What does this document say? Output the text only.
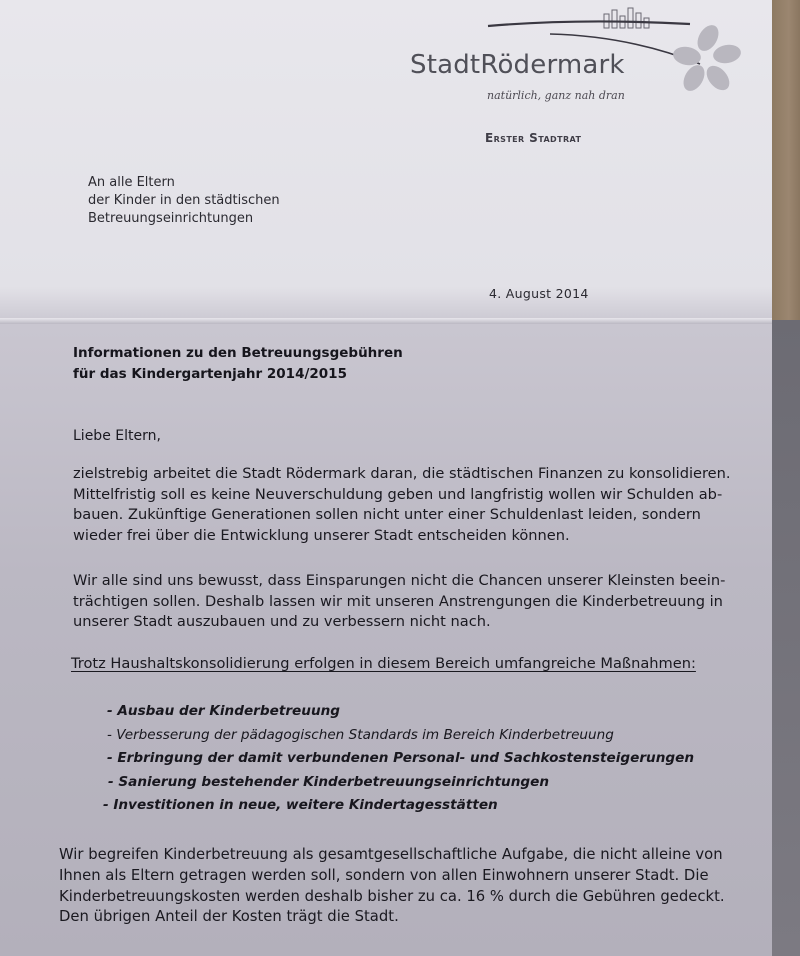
StadtRödermark
natürlich, ganz nah dran
Erster Stadtrat
An alle Eltern
der Kinder in den städtischen
Betreuungseinrichtungen
4. August 2014
Informationen zu den Betreuungsgebühren
für das Kindergartenjahr 2014/2015
Liebe Eltern,
zielstrebig arbeitet die Stadt Rödermark daran, die städtischen Finanzen zu konsolidieren.
Mittelfristig soll es keine Neuverschuldung geben und langfristig wollen wir Schulden ab-
bauen. Zukünftige Generationen sollen nicht unter einer Schuldenlast leiden, sondern
wieder frei über die Entwicklung unserer Stadt entscheiden können.
Wir alle sind uns bewusst, dass Einsparungen nicht die Chancen unserer Kleinsten beein-
trächtigen sollen. Deshalb lassen wir mit unseren Anstrengungen die Kinderbetreuung in
unserer Stadt auszubauen und zu verbessern nicht nach.
Trotz Haushaltskonsolidierung erfolgen in diesem Bereich umfangreiche Maßnahmen:
- Ausbau der Kinderbetreuung
- Verbesserung der pädagogischen Standards im Bereich Kinderbetreuung
- Erbringung der damit verbundenen Personal- und Sachkostensteigerungen
- Sanierung bestehender Kinderbetreuungseinrichtungen
- Investitionen in neue, weitere Kindertagesstätten
Wir begreifen Kinderbetreuung als gesamtgesellschaftliche Aufgabe, die nicht alleine von
Ihnen als Eltern getragen werden soll, sondern von allen Einwohnern unserer Stadt. Die
Kinderbetreuungskosten werden deshalb bisher zu ca. 16 % durch die Gebühren gedeckt.
Den übrigen Anteil der Kosten trägt die Stadt.
